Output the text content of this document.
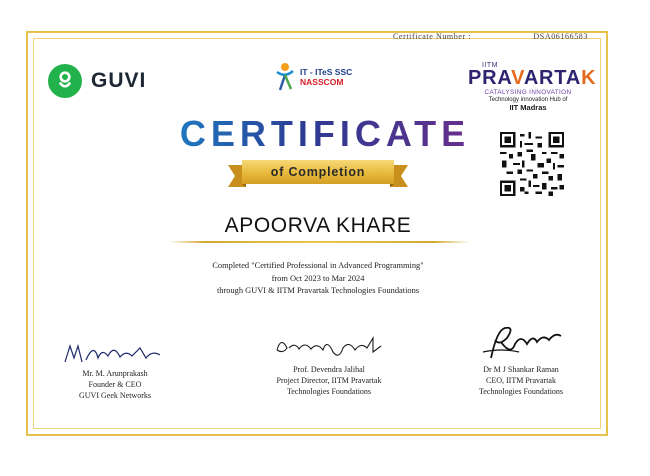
Certificate Number :	DSA06166583
GUVI	IT - ITeS SSC
NASSCOM
IITM
PRAVARTAK
CATALYSING INNOVATION
Technology innovation Hub of
IIT Madras
CERTIFICATE
of Completion
APOORVA KHARE
Completed "Certified Professional in Advanced Programming"
from Oct 2023 to Mar 2024
through GUVI & IITM Pravartak Technologies Foundations
Mr. M. Arunprakash
Founder & CEO
GUVI Geek Networks
Prof. Devendra Jalihal
Project Director, IITM Pravartak
Technologies Foundations
Dr M J Shankar Raman
CEO, IITM Pravartak
Technologies Foundations
